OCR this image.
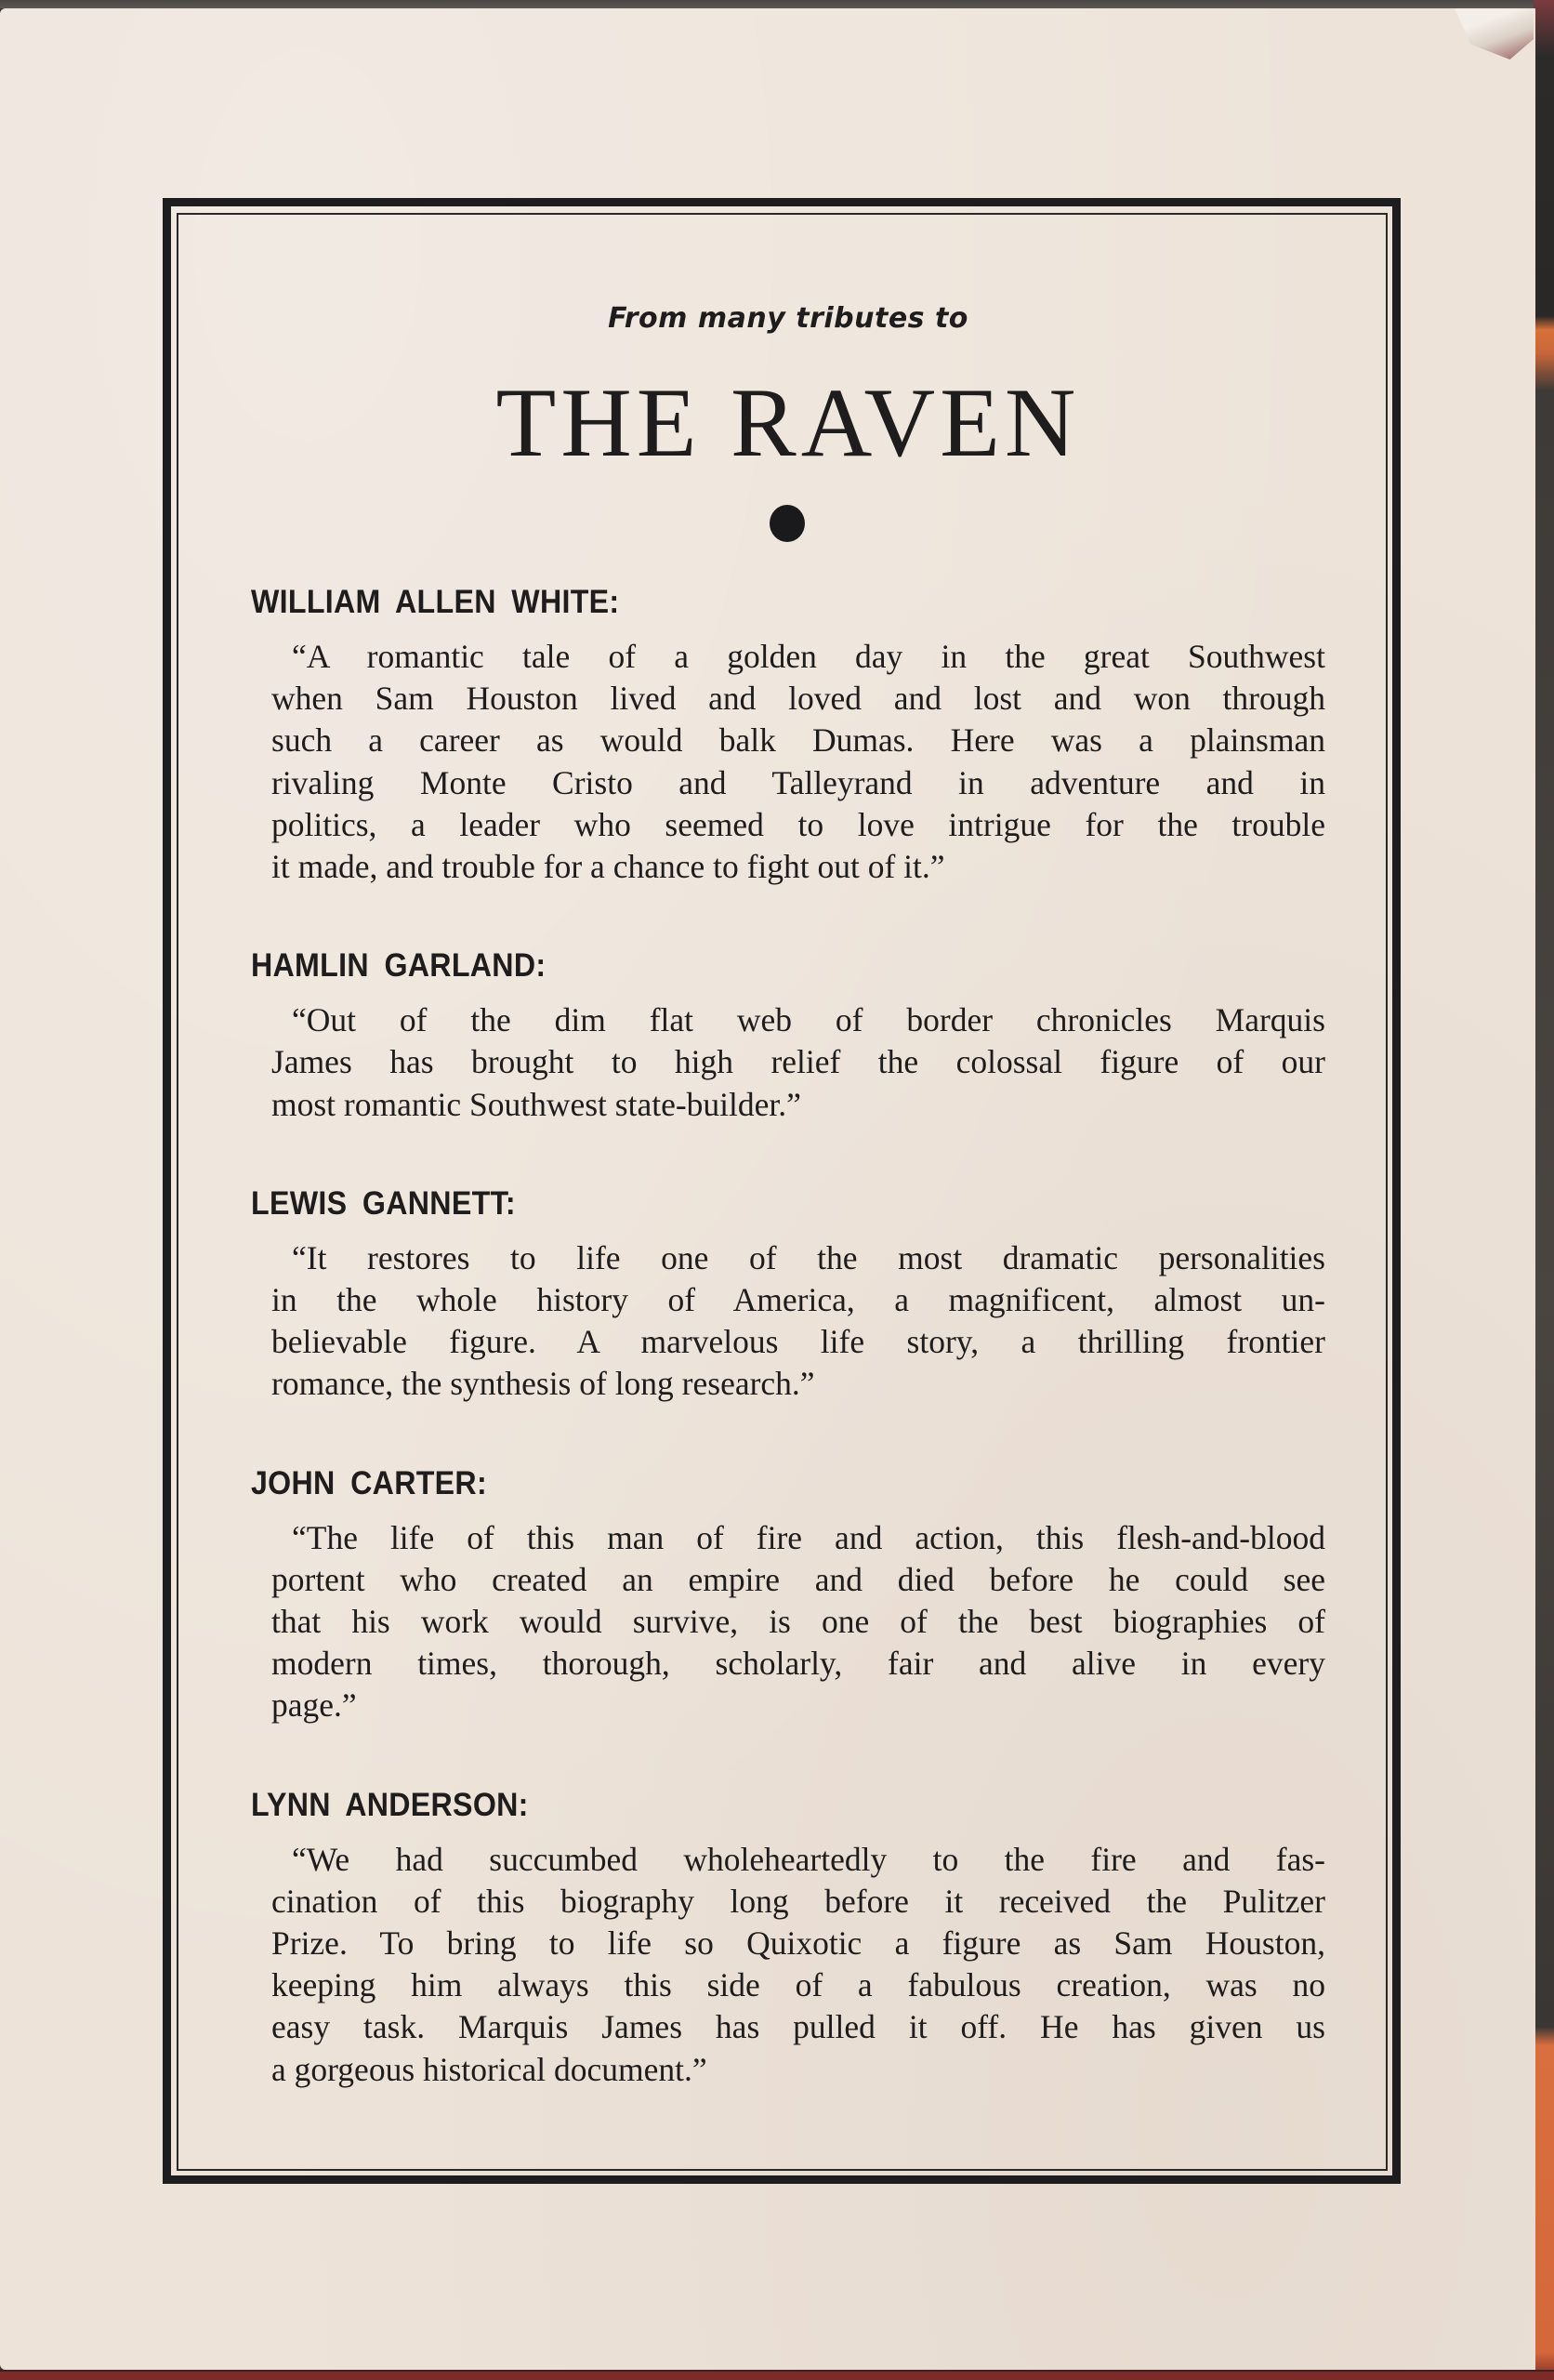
From many tributes to

THE RAVEN
WILLIAM ALLEN WHITE:

“A romantic tale of a golden day in the great Southwest
when Sam Houston lived and loved and lost and won through
such a career as would balk Dumas. Here was a plainsman
rivaling Monte Cristo and Talleyrand in adventure and in
politics, a leader who seemed to love intrigue for the trouble
it made, and trouble for a chance to fight out of it.”

HAMLIN GARLAND:

“Out of the dim flat web of border chronicles Marquis
James has brought to high relief the colossal figure of our
most romantic Southwest state-builder.”

LEWIS GANNETT:

“It restores to life one of the most dramatic personalities
in the whole history of America, a magnificent, almost un-
believable figure. A marvelous life story, a thrilling frontier
romance, the synthesis of long research.”

JOHN CARTER:

“The life of this man of fire and action, this flesh-and-blood
portent who created an empire and died before he could see
that his work would survive, is one of the best biographies of
modern times, thorough, scholarly, fair and alive in every
page.”

LYNN ANDERSON:

“We had succumbed wholeheartedly to the fire and fas-
cination of this biography long before it received the Pulitzer
Prize. To bring to life so Quixotic a figure as Sam Houston,
keeping him always this side of a fabulous creation, was no
easy task. Marquis James has pulled it off. He has given us
a gorgeous historical document.”
